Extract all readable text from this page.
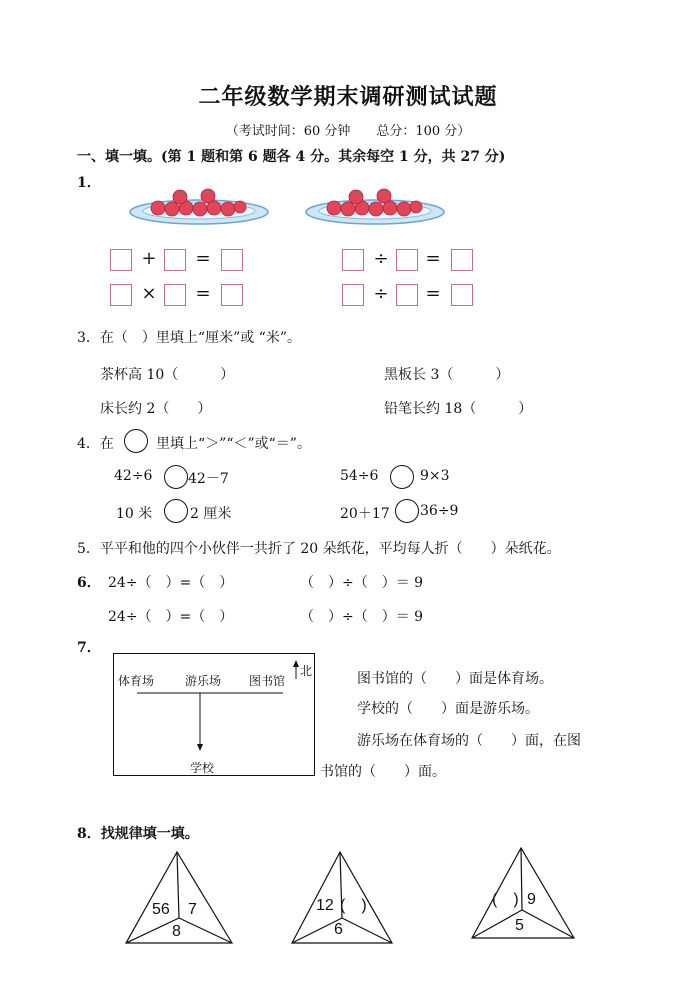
二年级数学期末调研测试试题
（考试时间：60 分钟　　总分：100 分）
一、填一填。(第 1 题和第 6 题各 4 分。其余每空 1 分，共 27 分)
1．
+ =
× =
÷ =
÷ =
3．在（　）里填上“厘米”或 “米”。
茶杯高 10（　　　）	黑板长 3（　　　）
床长约 2（　　）	铅笔长约 18（　　　）
4．在	里填上“＞”“＜”或“＝”。
42÷6	42－7	54÷6	9×3
10 米	2 厘米	20＋17 36÷9
5．平平和他的四个小伙伴一共折了 20 朵纸花，平均每人折（　　）朵纸花。
6． 24÷（　）=（　）	（　）÷（　）＝ 9
24÷（　）=（　）	（　）÷（　）＝ 9
7．
体育场	游乐场 图书馆
学校
北	图书馆的（　　）面是体育场。
学校的（　　）面是游乐场。
游乐场在体育场的（　　）面，在图
书馆的（　　）面。
8．找规律填一填。
56 7
8
12 (　)
6
(　) 9
5
